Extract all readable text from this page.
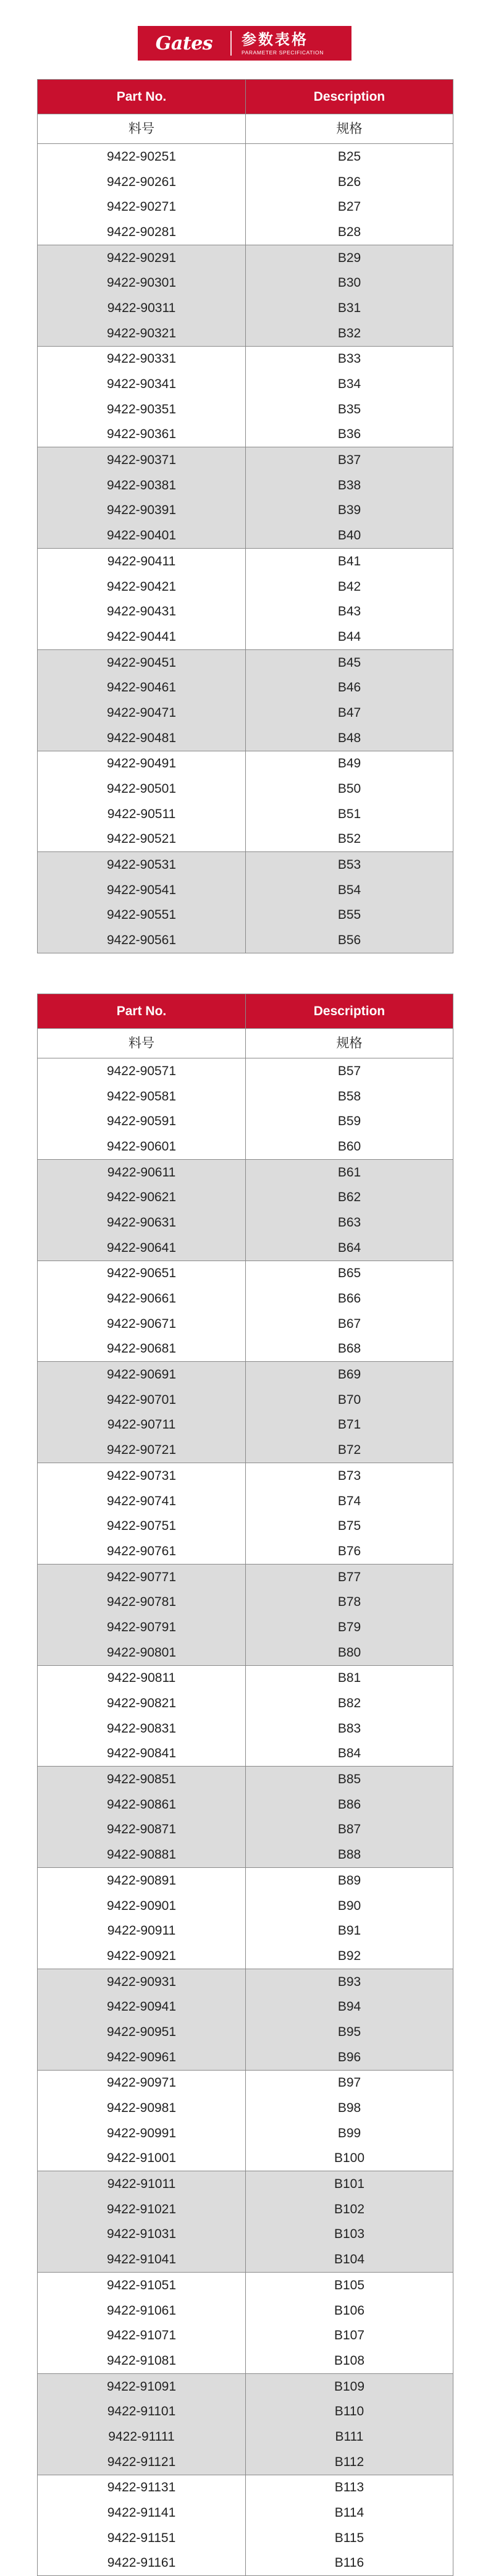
Gates	参数表格
PARAMETER SPECIFICATION
Part No.	Description
料号	规格
9422-90251	B25
9422-90261	B26
9422-90271	B27
9422-90281	B28
9422-90291	B29
9422-90301	B30
9422-90311	B31
9422-90321	B32
9422-90331	B33
9422-90341	B34
9422-90351	B35
9422-90361	B36
9422-90371	B37
9422-90381	B38
9422-90391	B39
9422-90401	B40
9422-90411	B41
9422-90421	B42
9422-90431	B43
9422-90441	B44
9422-90451	B45
9422-90461	B46
9422-90471	B47
9422-90481	B48
9422-90491	B49
9422-90501	B50
9422-90511	B51
9422-90521	B52
9422-90531	B53
9422-90541	B54
9422-90551	B55
9422-90561	B56
Part No.	Description
料号	规格
9422-90571	B57
9422-90581	B58
9422-90591	B59
9422-90601	B60
9422-90611	B61
9422-90621	B62
9422-90631	B63
9422-90641	B64
9422-90651	B65
9422-90661	B66
9422-90671	B67
9422-90681	B68
9422-90691	B69
9422-90701	B70
9422-90711	B71
9422-90721	B72
9422-90731	B73
9422-90741	B74
9422-90751	B75
9422-90761	B76
9422-90771	B77
9422-90781	B78
9422-90791	B79
9422-90801	B80
9422-90811	B81
9422-90821	B82
9422-90831	B83
9422-90841	B84
9422-90851	B85
9422-90861	B86
9422-90871	B87
9422-90881	B88
9422-90891	B89
9422-90901	B90
9422-90911	B91
9422-90921	B92
9422-90931	B93
9422-90941	B94
9422-90951	B95
9422-90961	B96
9422-90971	B97
9422-90981	B98
9422-90991	B99
9422-91001	B100
9422-91011	B101
9422-91021	B102
9422-91031	B103
9422-91041	B104
9422-91051	B105
9422-91061	B106
9422-91071	B107
9422-91081	B108
9422-91091	B109
9422-91101	B110
9422-91111	B111
9422-91121	B112
9422-91131	B113
9422-91141	B114
9422-91151	B115
9422-91161	B116
